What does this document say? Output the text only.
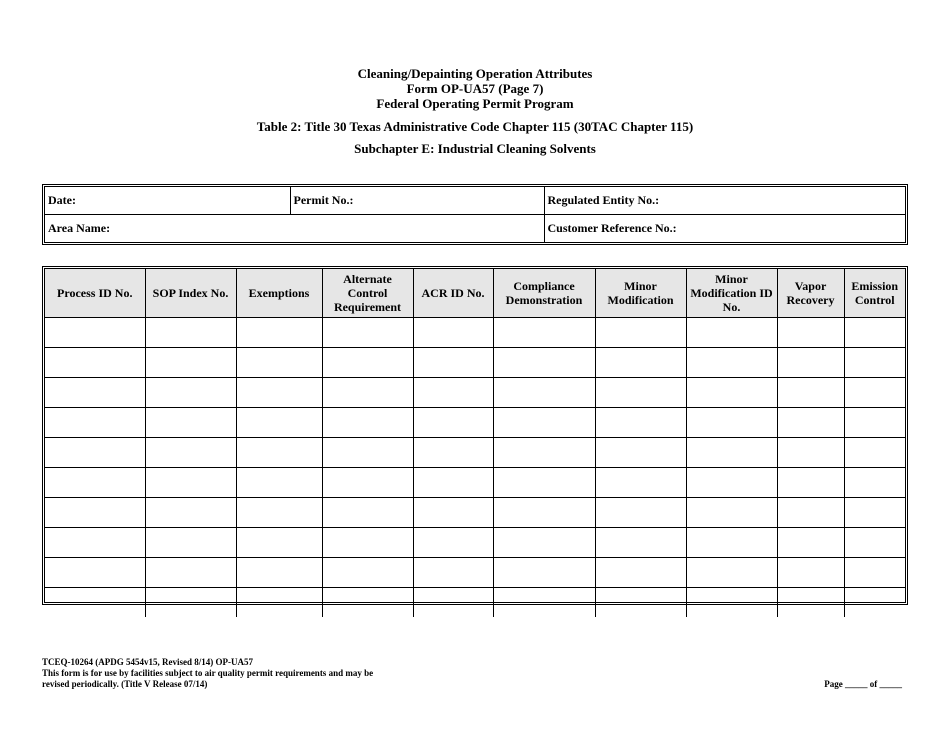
Cleaning/Depainting Operation Attributes
Form OP-UA57 (Page 7)
Federal Operating Permit Program
Table 2: Title 30 Texas Administrative Code Chapter 115 (30TAC Chapter 115)
Subchapter E: Industrial Cleaning Solvents
Date:	Permit No.:	Regulated Entity No.:
Area Name:		Customer Reference No.:
Process ID No.	SOP Index No.	Exemptions	Alternate Control Requirement	ACR ID No.	Compliance Demonstration	Minor Modification	Minor Modification ID No.	Vapor Recovery	Emission Control

TCEQ-10264 (APDG 5454v15, Revised 8/14) OP-UA57
This form is for use by facilities subject to air quality permit requirements and may be
revised periodically. (Title V Release 07/14)	Page _____ of _____
